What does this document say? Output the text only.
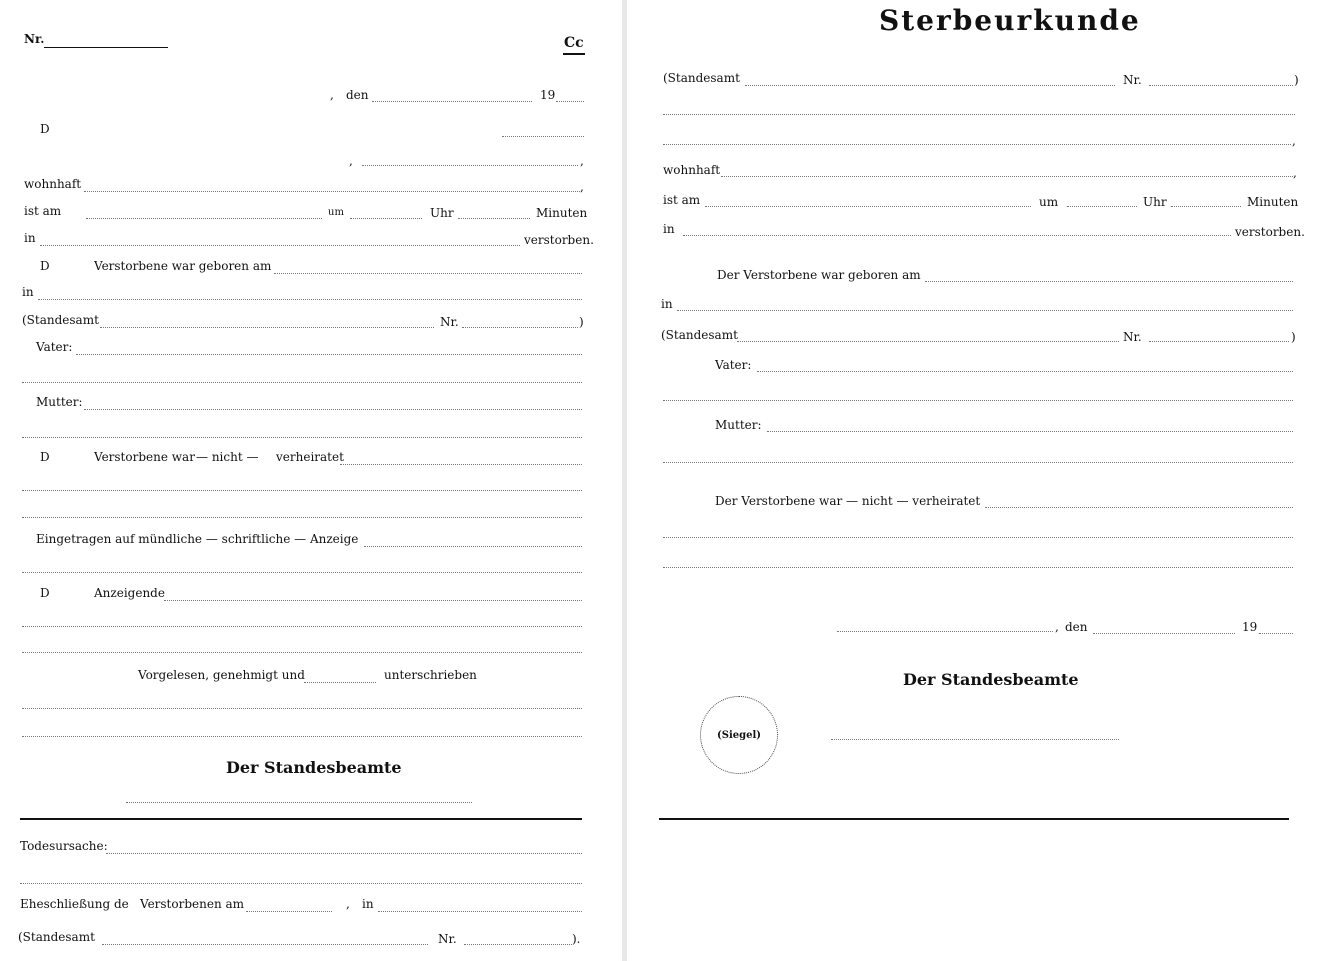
Nr.	Cc
, den	19
D
,	,
wohnhaft	,
ist am	um	Uhr	Minuten
in	verstorben.
D	Verstorbene war geboren am
in
(Standesamt	Nr.	)
Vater:
Mutter:
D	Verstorbene war — nicht — verheiratet
Eingetragen auf mündliche — schriftliche — Anzeige
D	Anzeigende
Vorgelesen, genehmigt und	unterschrieben
Der Standesbeamte
Todesursache:
Eheschließung de Verstorbenen am	, in
(Standesamt	Nr.	).
Sterbeurkunde
(Standesamt	Nr.	)
,
wohnhaft	,
ist am	um	Uhr	Minuten
in	verstorben.
Der Verstorbene war geboren am
in
(Standesamt	Nr.	)
Vater:
Mutter:
Der Verstorbene war — nicht — verheiratet
, den	19
Der Standesbeamte
(Siegel)
